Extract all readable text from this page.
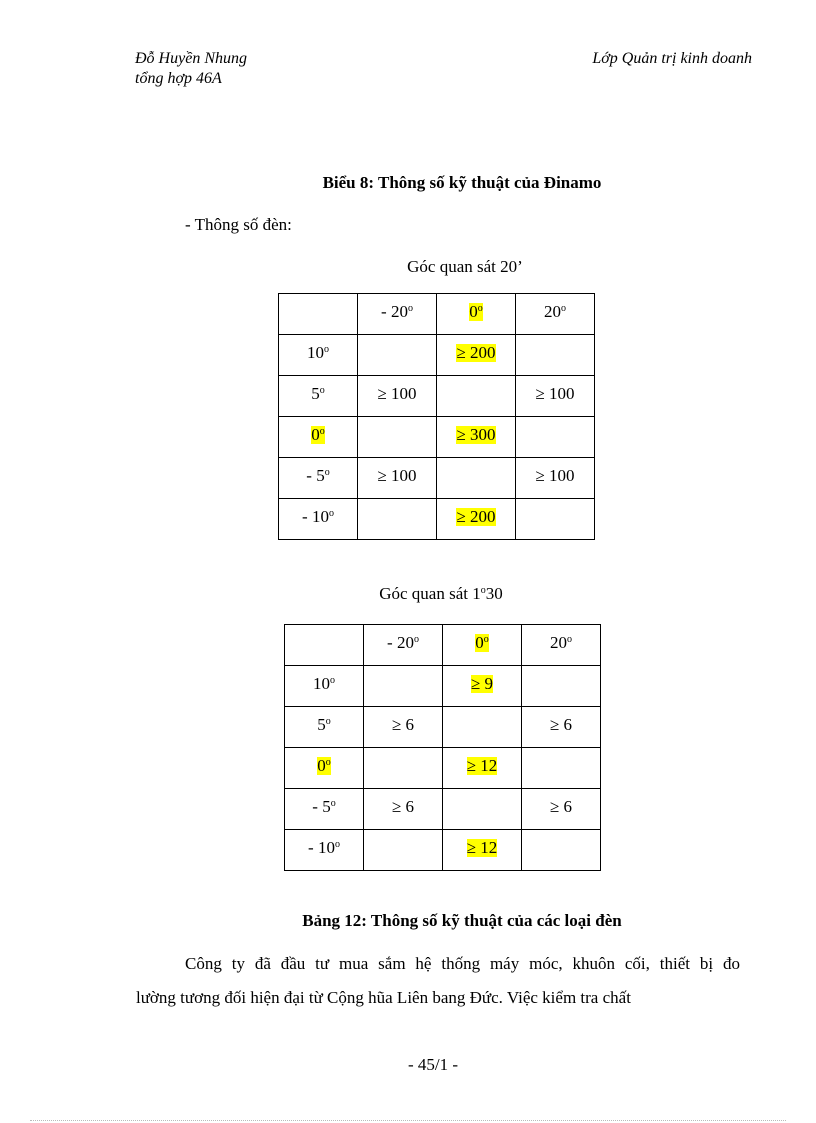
Đỗ Huyền Nhung
tổng hợp 46A
Lớp Quản trị kinh doanh
Biểu 8: Thông số kỹ thuật của Đinamo
- Thông số đèn:
Góc quan sát 20’
	- 20$^o$	0$^o$	20$^o$
10$^o$		≥ 200	
$5^o$	≥ 100		≥ 100
0$^o$		≥ 300	
- $5^o$	≥ 100		≥ 100
- 10$^o$		≥ 200	
Góc quan sát 1$^o$30
	- 20$^o$	0$^o$	20$^o$
10$^o$		≥ 9	
$5^o$	≥ 6		≥ 6
0$^o$		≥ 12	
- $5^o$	≥ 6		≥ 6
- 10$^o$		≥ 12	
Bảng 12: Thông số kỹ thuật của các loại đèn
Công ty đã đầu tư mua sắm hệ thống máy móc, khuôn cối, thiết bị đo
lường tương đối hiện đại từ Cộng hũa Liên bang Đức. Việc kiểm tra chất
- 45/1 -
